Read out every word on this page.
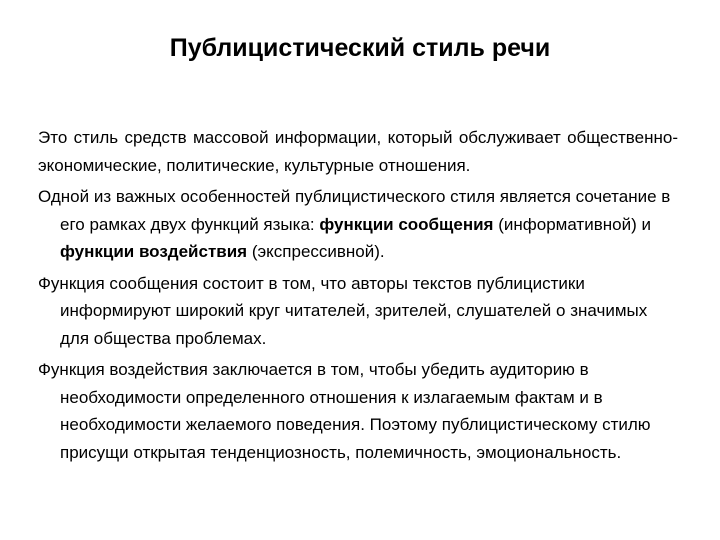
Публицистический стиль речи

Это стиль средств массовой информации, который обслуживает общественно-экономические, политические, культурные отношения.

Одной из важных особенностей публицистического стиля является сочетание в его рамках двух функций языка: функции сообщения (информативной) и функции воздействия (экспрессивной).

Функция сообщения состоит в том, что авторы текстов публицистики информируют широкий круг читателей, зрителей, слушателей о значимых для общества проблемах.

Функция воздействия заключается в том, чтобы убедить аудиторию в необходимости определенного отношения к излагаемым фактам и в необходимости желаемого поведения. Поэтому публицистическому стилю присущи открытая тенденциозность, полемичность, эмоциональность.
